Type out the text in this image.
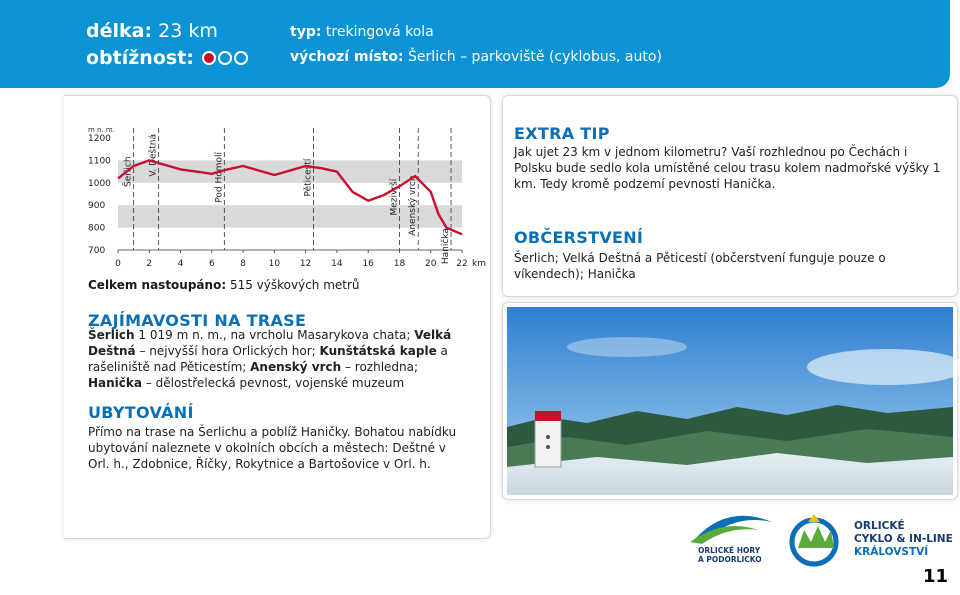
délka: 23 km
obtížnost:
typ: trekingová kola
výchozí místo: Šerlich – parkoviště (cyklobus, auto)
m n. m.
1200
1100
1000
900
800
700
0	2	4	6	8	10 12 14 16 18 20 22 km
Šerlich V. Deštná	Pod Homolí	Pěticestí
Mezivrší Anenský vrch
Hanička
Celkem nastoupáno: 515 výškových metrů
ZAJÍMAVOSTI NA TRASE
Šerlich 1 019 m n. m., na vrcholu Masarykova chata; Velká Deštná – nejvyšší hora Orlických hor; Kunštátská kaple a rašeliniště nad Pěticestím; Anenský vrch – rozhledna; Hanička – dělostřelecká pevnost, vojenské muzeum
UBYTOVÁNÍ
Přímo na trase na Šerlichu a poblíž Haničky. Bohatou nabídku ubytování naleznete v okolních obcích a městech: Deštné v Orl. h., Zdobnice, Říčky, Rokytnice a Bartošovice v Orl. h.
EXTRA TIP
Jak ujet 23 km v jednom kilometru? Vaší rozhlednou po Čechách i Polsku bude sedlo kola umístěné celou trasu kolem nadmořské výšky 1 km. Tedy kromě podzemí pevnosti Hanička.
OBČERSTVENÍ
Šerlich; Velká Deštná a Pěticestí (občerstvení funguje pouze o víkendech); Hanička
ORLICKÉ HORY
A PODORLICKO
ORLICKÉ
CYKLO & IN-LINE
KRÁLOVSTVÍ
11
